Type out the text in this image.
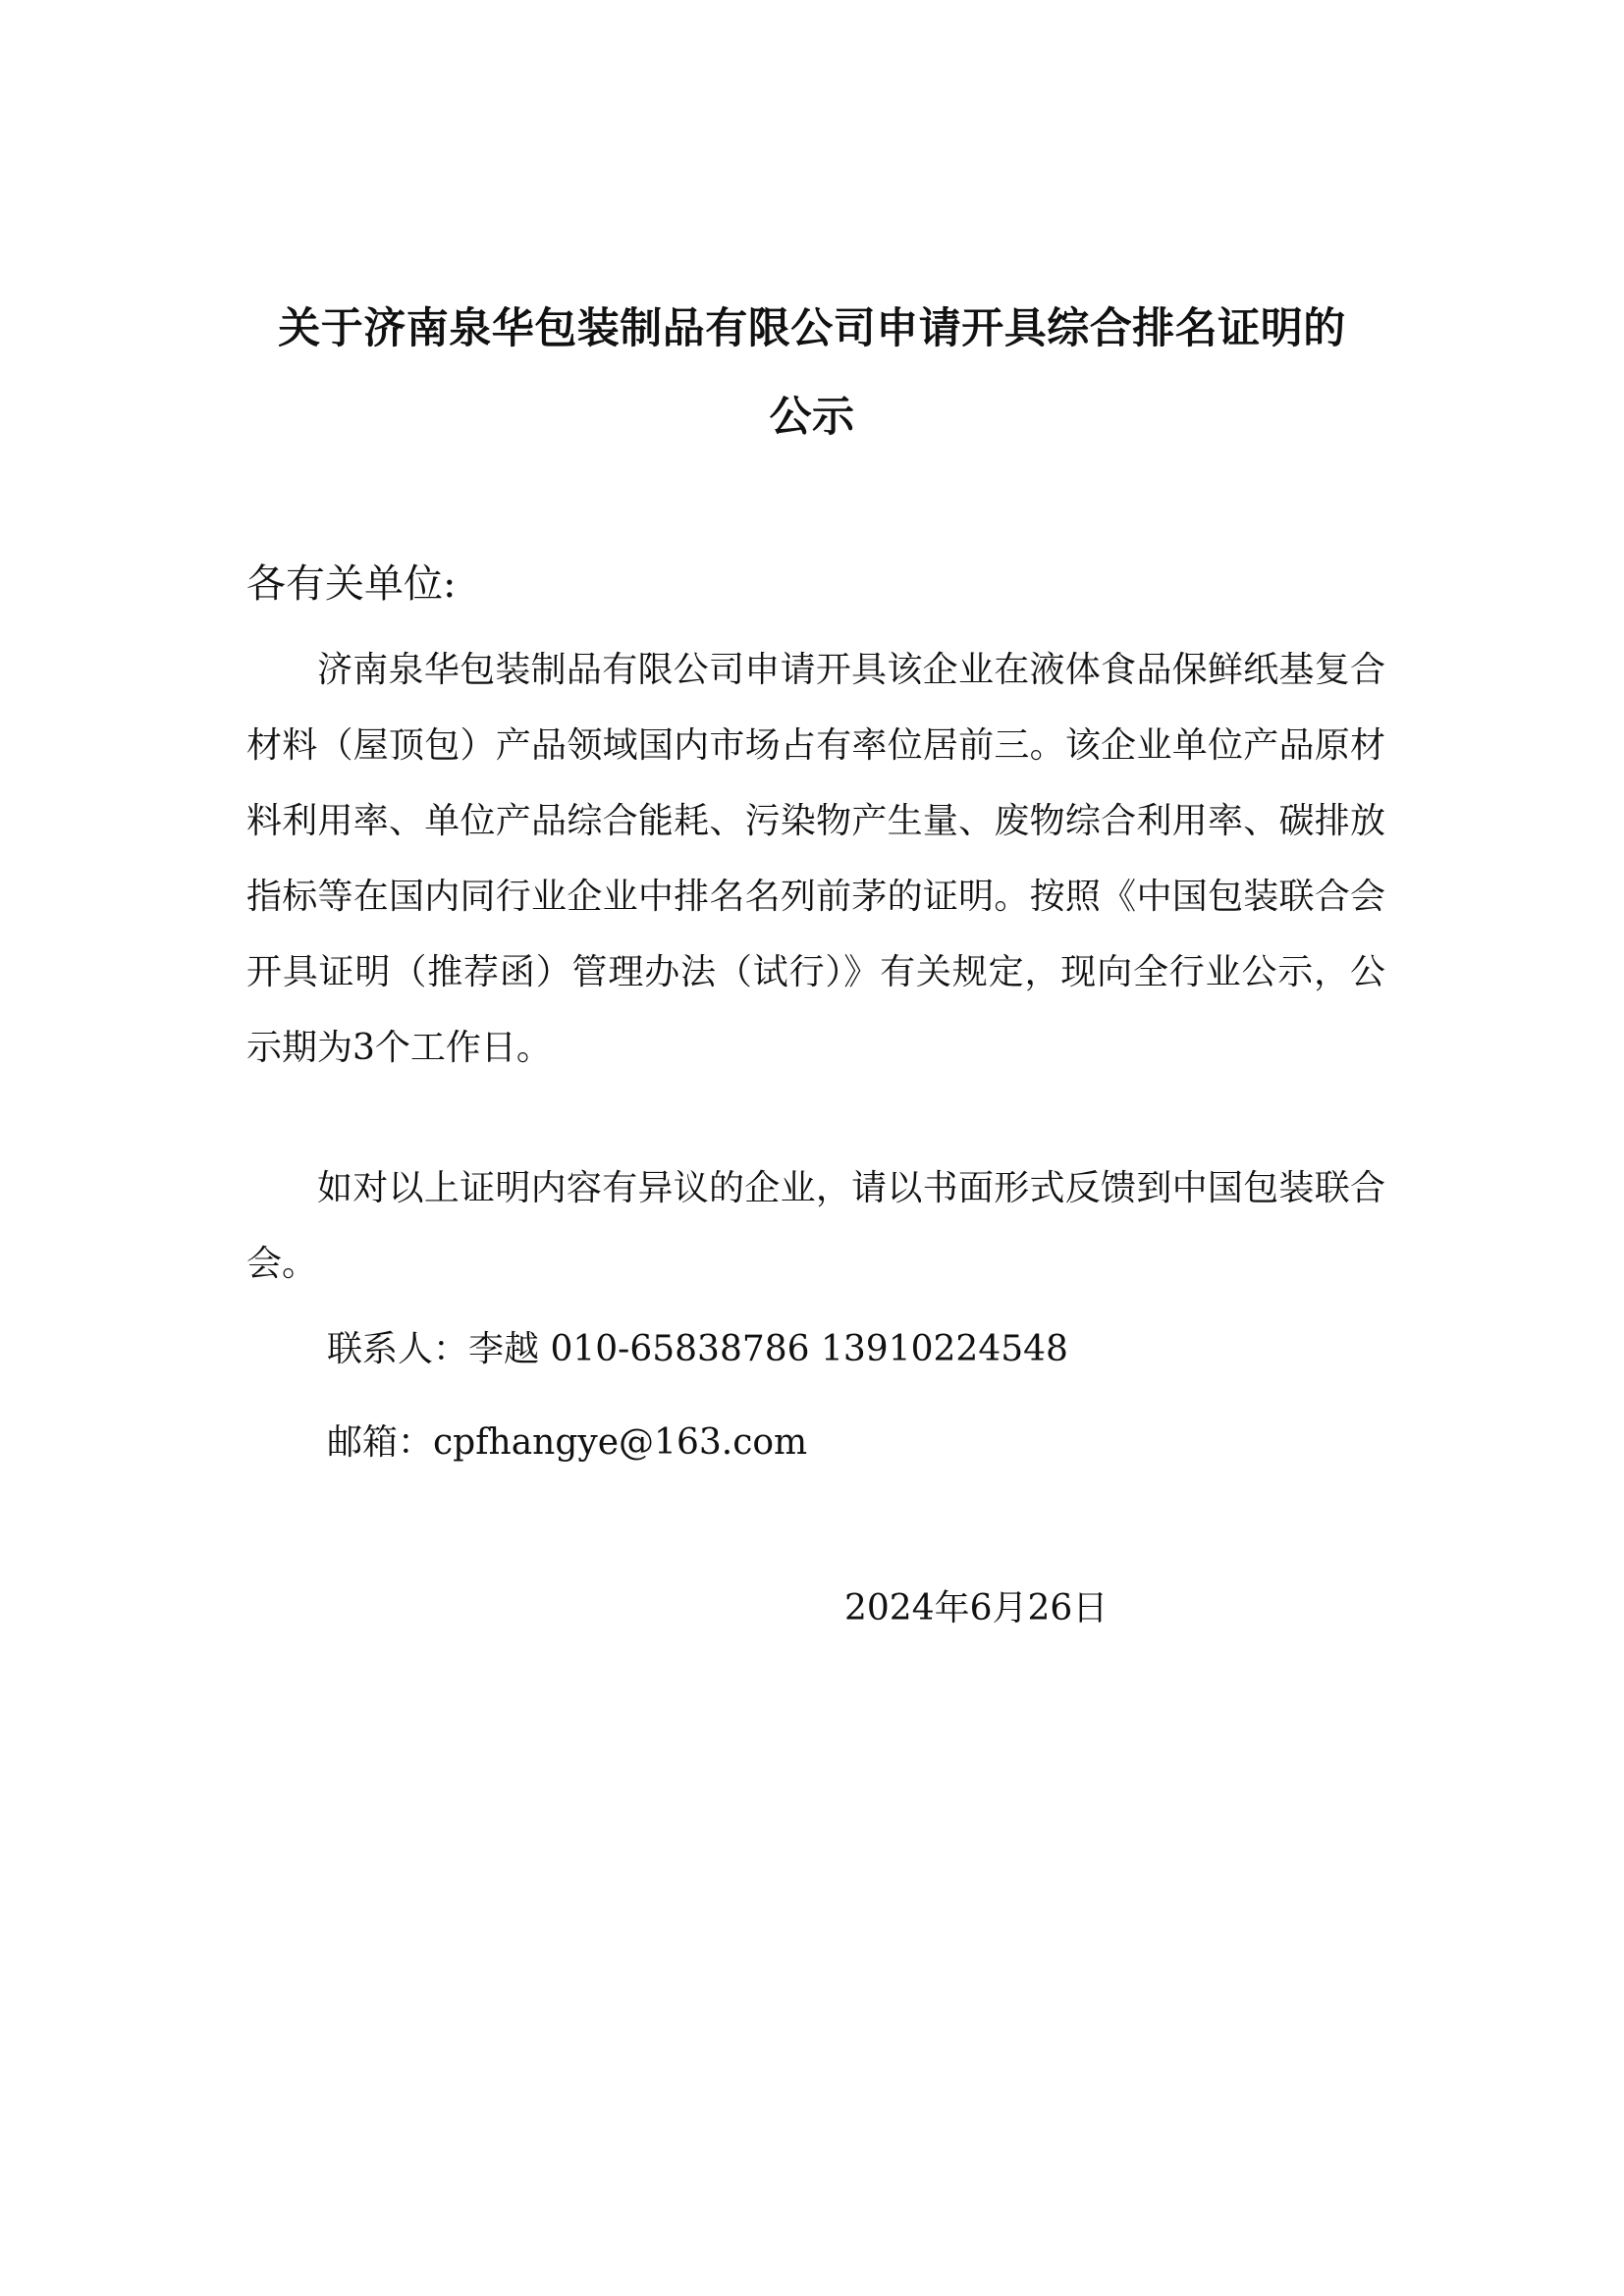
关于济南泉华包装制品有限公司申请开具综合排名证明的
公示
各有关单位:

济南泉华包装制品有限公司申请开具该企业在液体食品保鲜纸基复合材料（屋顶包）产品领域国内市场占有率位居前三。该企业单位产品原材料利用率、单位产品综合能耗、污染物产生量、废物综合利用率、碳排放指标等在国内同行业企业中排名名列前茅的证明。按照《中国包装联合会开具证明（推荐函）管理办法（试行）》有关规定，现向全行业公示，公示期为3个工作日。

如对以上证明内容有异议的企业，请以书面形式反馈到中国包装联合会。

联系人：李越 010-65838786 13910224548
邮箱：cpfhangye@163.com
2024年6月26日
